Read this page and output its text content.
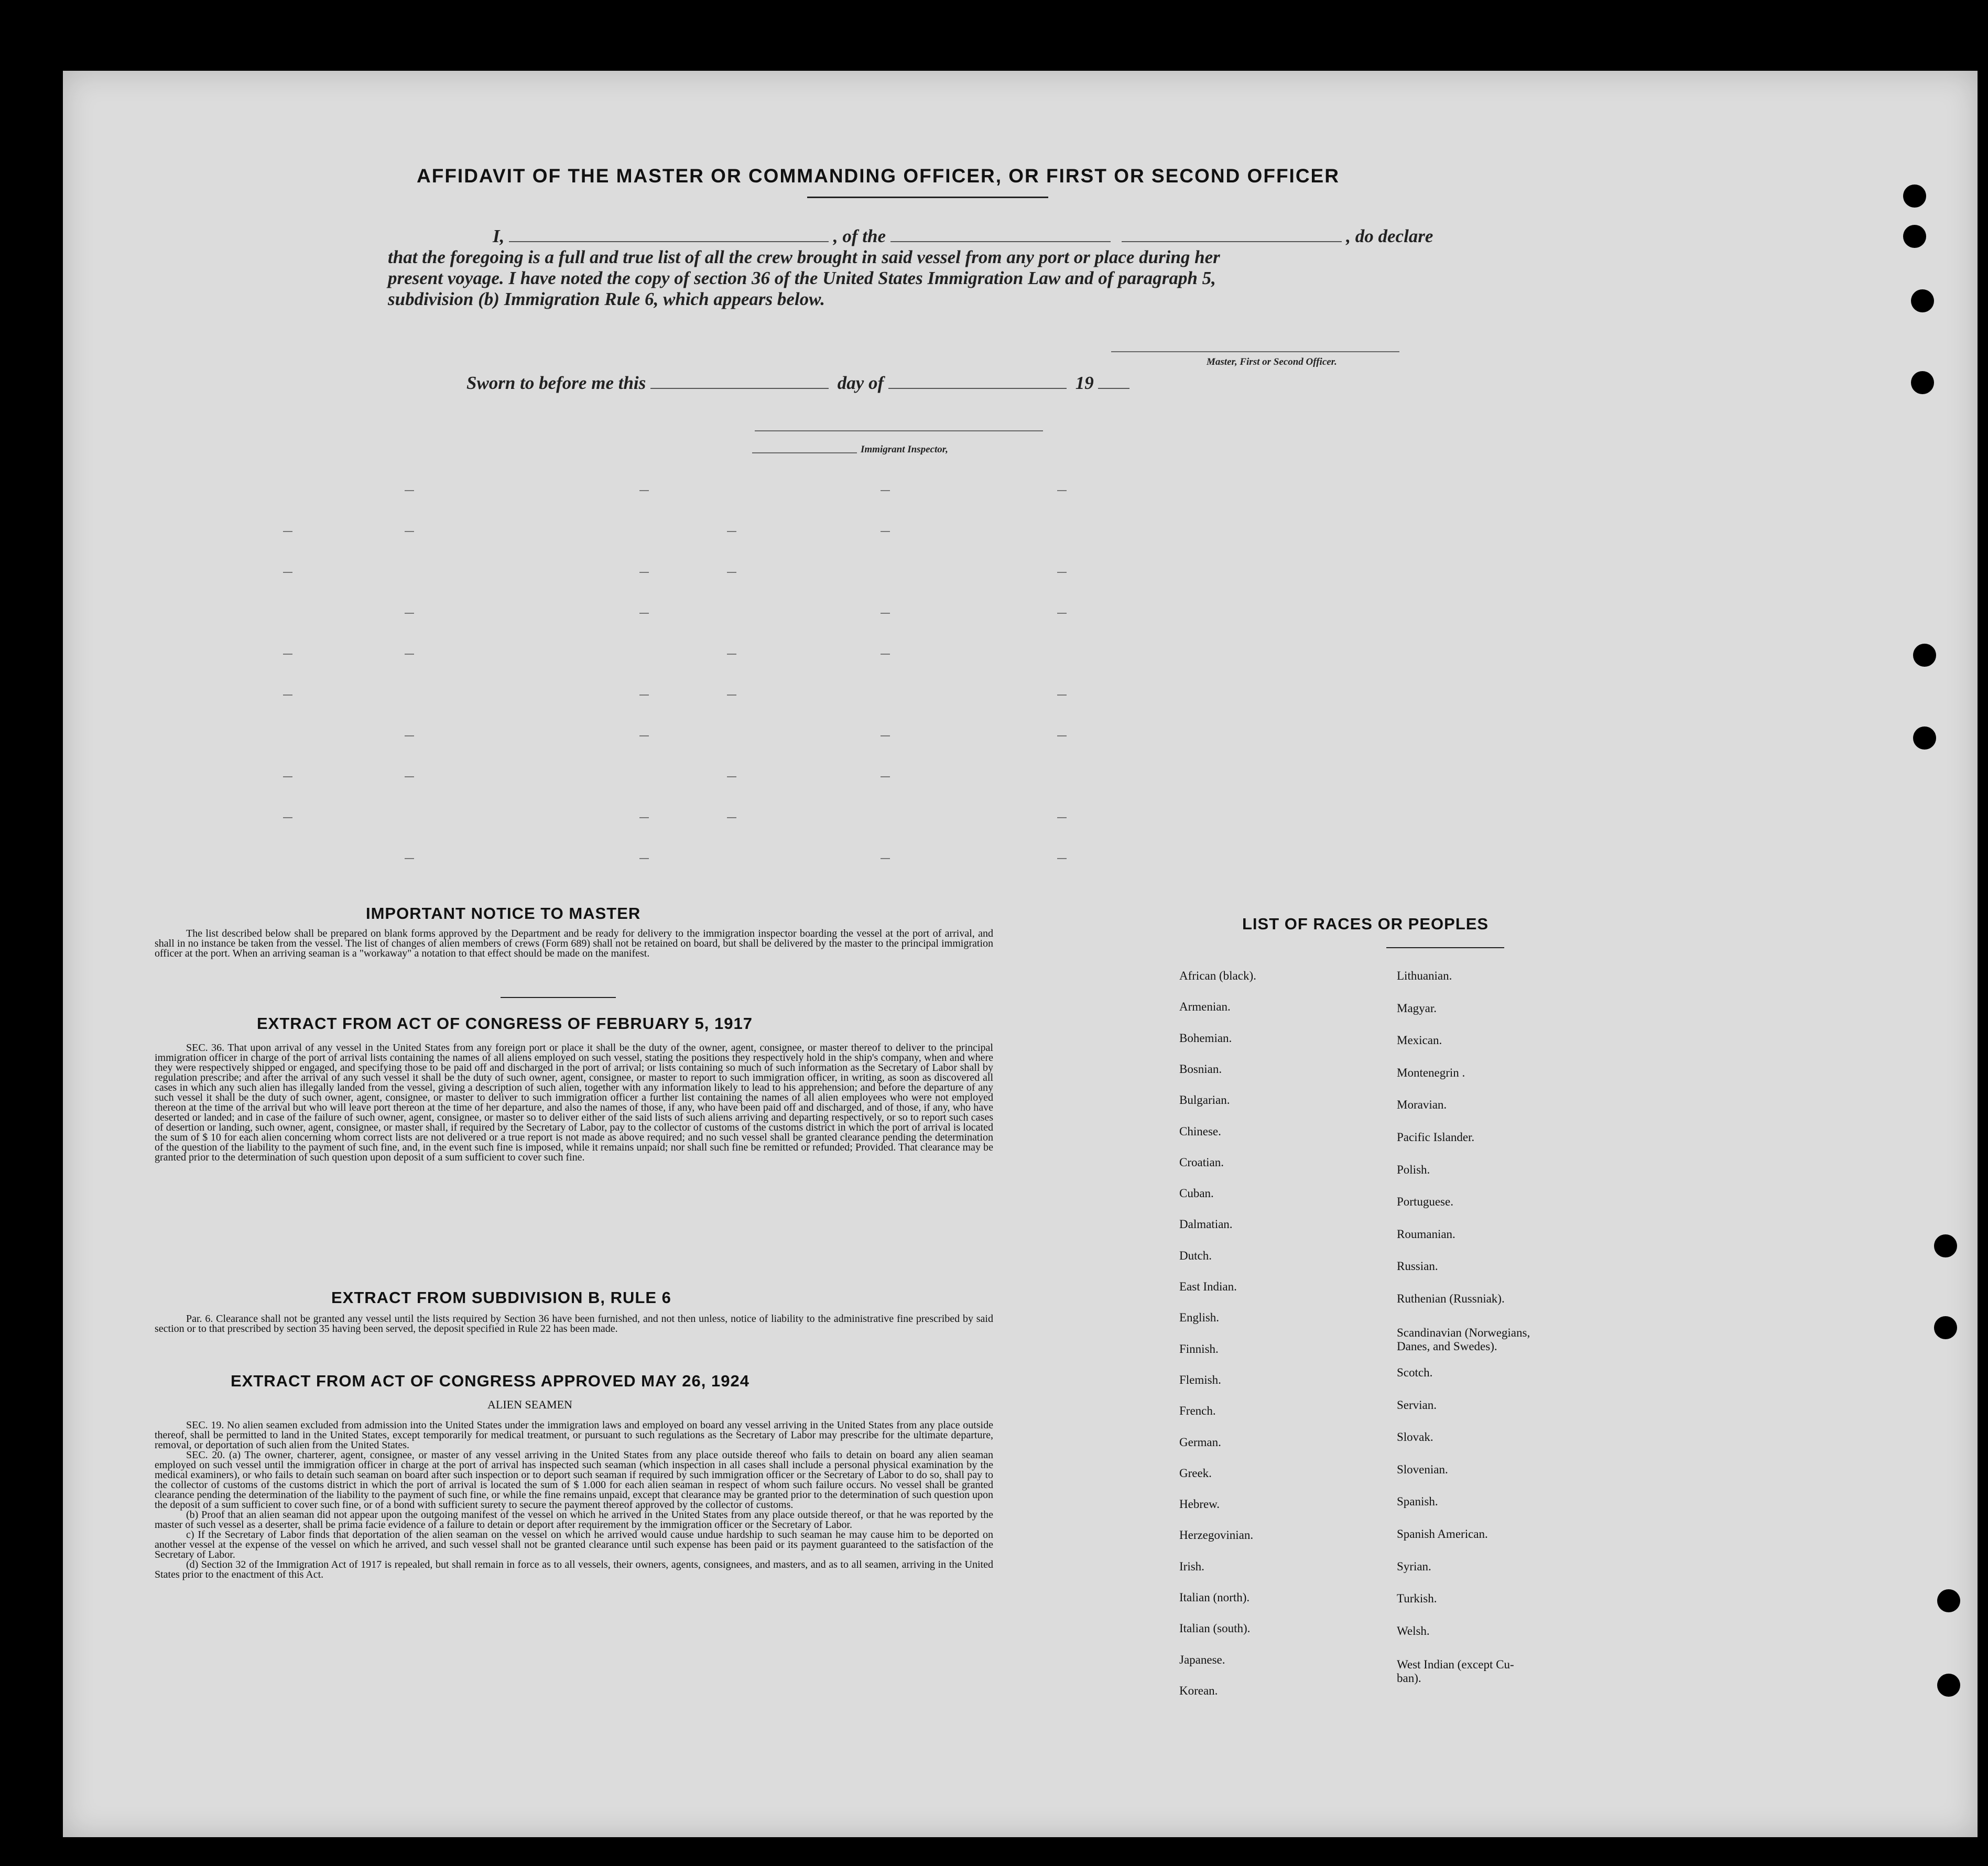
AFFIDAVIT OF THE MASTER OR COMMANDING OFFICER, OR FIRST OR SECOND OFFICER
I,	, of the	, do declare
that the foregoing is a full and true list of all the crew brought in said vessel from any port or place during her
present voyage. I have noted the copy of section 36 of the United States Immigration Law and of paragraph 5,
subdivision (b) Immigration Rule 6, which appears below.
Master, First or Second Officer.
Sworn to before me this	day of	19
Immigrant Inspector,
IMPORTANT NOTICE TO MASTER
The list described below shall be prepared on blank forms approved by the Department and be ready for delivery to the immigration inspector boarding the vessel at the port of arrival, and shall in no instance be taken from the vessel. The list of changes of alien members of crews (Form 689) shall not be retained on board, but shall be delivered by the master to the principal immigration officer at the port. When an arriving seaman is a "workaway" a notation to that effect should be made on the manifest.
EXTRACT FROM ACT OF CONGRESS OF FEBRUARY 5, 1917
SEC. 36. That upon arrival of any vessel in the United States from any foreign port or place it shall be the duty of the owner, agent, consignee, or master thereof to deliver to the principal immigration officer in charge of the port of arrival lists containing the names of all aliens employed on such vessel, stating the positions they respectively hold in the ship's company, when and where they were respectively shipped or engaged, and specifying those to be paid off and discharged in the port of arrival; or lists containing so much of such information as the Secretary of Labor shall by regulation prescribe; and after the arrival of any such vessel it shall be the duty of such owner, agent, consignee, or master to report to such immigration officer, in writing, as soon as discovered all cases in which any such alien has illegally landed from the vessel, giving a description of such alien, together with any information likely to lead to his apprehension; and before the departure of any such vessel it shall be the duty of such owner, agent, consignee, or master to deliver to such immigration officer a further list containing the names of all alien employees who were not employed thereon at the time of the arrival but who will leave port thereon at the time of her departure, and also the names of those, if any, who have been paid off and discharged, and of those, if any, who have deserted or landed; and in case of the failure of such owner, agent, consignee, or master so to deliver either of the said lists of such aliens arriving and departing respectively, or so to report such cases of desertion or landing, such owner, agent, consignee, or master shall, if required by the Secretary of Labor, pay to the collector of customs of the customs district in which the port of arrival is located the sum of $ 10 for each alien concerning whom correct lists are not delivered or a true report is not made as above required; and no such vessel shall be granted clearance pending the determination of the question of the liability to the payment of such fine, and, in the event such fine is imposed, while it remains unpaid; nor shall such fine be remitted or refunded; Provided. That clearance may be granted prior to the determination of such question upon deposit of a sum sufficient to cover such fine.
EXTRACT FROM SUBDIVISION B, RULE 6
Par. 6. Clearance shall not be granted any vessel until the lists required by Section 36 have been furnished, and not then unless, notice of liability to the administrative fine prescribed by said section or to that prescribed by section 35 having been served, the deposit specified in Rule 22 has been made.
EXTRACT FROM ACT OF CONGRESS APPROVED MAY 26, 1924
ALIEN SEAMEN

SEC. 19. No alien seamen excluded from admission into the United States under the immigration laws and employed on board any vessel arriving in the United States from any place outside thereof, shall be permitted to land in the United States, except temporarily for medical treatment, or pursuant to such regulations as the Secretary of Labor may prescribe for the ultimate departure, removal, or deportation of such alien from the United States.

SEC. 20. (a) The owner, charterer, agent, consignee, or master of any vessel arriving in the United States from any place outside thereof who fails to detain on board any alien seaman employed on such vessel until the immigration officer in charge at the port of arrival has inspected such seaman (which inspection in all cases shall include a personal physical examination by the medical examiners), or who fails to detain such seaman on board after such inspection or to deport such seaman if required by such immigration officer or the Secretary of Labor to do so, shall pay to the collector of customs of the customs district in which the port of arrival is located the sum of $ 1.000 for each alien seaman in respect of whom such failure occurs. No vessel shall be granted clearance pending the determination of the liability to the payment of such fine, or while the fine remains unpaid, except that clearance may be granted prior to the determination of such question upon the deposit of a sum sufficient to cover such fine, or of a bond with sufficient surety to secure the payment thereof approved by the collector of customs.

(b) Proof that an alien seaman did not appear upon the outgoing manifest of the vessel on which he arrived in the United States from any place outside thereof, or that he was reported by the master of such vessel as a deserter, shall be prima facie evidence of a failure to detain or deport after requirement by the immigration officer or the Secretary of Labor.

c) If the Secretary of Labor finds that deportation of the alien seaman on the vessel on which he arrived would cause undue hardship to such seaman he may cause him to be deported on another vessel at the expense of the vessel on which he arrived, and such vessel shall not be granted clearance until such expense has been paid or its payment guaranteed to the satisfaction of the Secretary of Labor.

(d) Section 32 of the Immigration Act of 1917 is repealed, but shall remain in force as to all vessels, their owners, agents, consignees, and masters, and as to all seamen, arriving in the United States prior to the enactment of this Act.

LIST OF RACES OR PEOPLES
African (black).
Armenian.
Bohemian.
Bosnian.
Bulgarian.
Chinese.
Croatian.
Cuban.
Dalmatian.
Dutch.
East Indian.
English.
Finnish.
Flemish.
French.
German.
Greek.
Hebrew.
Herzegovinian.
Irish.
Italian (north).
Italian (south).
Japanese.
Korean.
Lithuanian.
Magyar.
Mexican.
Montenegrin .
Moravian.
Pacific Islander.
Polish.
Portuguese.
Roumanian.
Russian.
Ruthenian (Russniak).
Scandinavian (Norwegians,
Danes, and Swedes).
Scotch.
Servian.
Slovak.
Slovenian.
Spanish.
Spanish American.
Syrian.
Turkish.
Welsh.
West Indian (except Cu-
ban).
